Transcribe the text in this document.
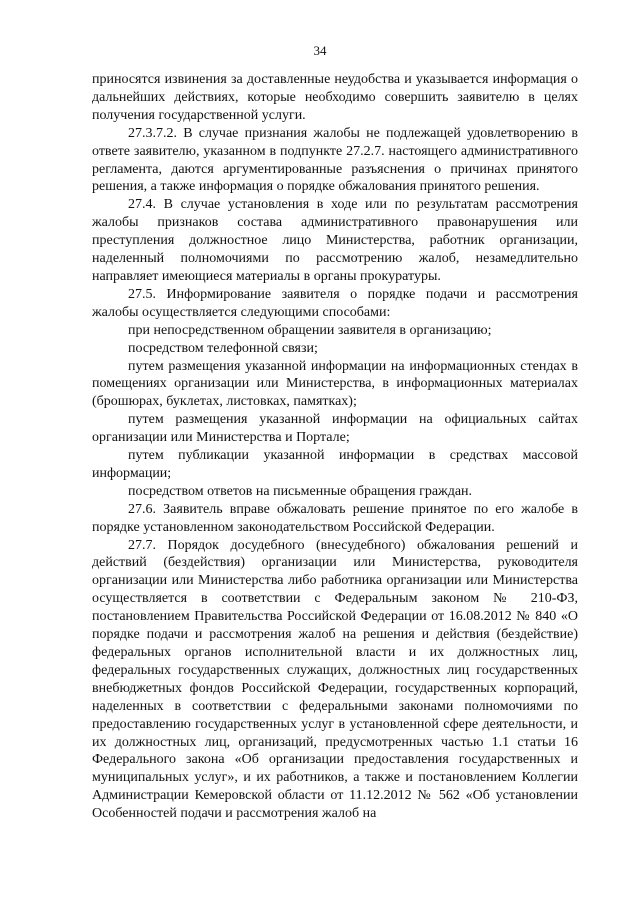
34

приносятся извинения за доставленные неудобства и указывается информация о дальнейших действиях, которые необходимо совершить заявителю в целях получения государственной услуги.

27.3.7.2. В случае признания жалобы не подлежащей удовлетворению в ответе заявителю, указанном в подпункте 27.2.7. настоящего административного регламента, даются аргументированные разъяснения о причинах принятого решения, а также информация о порядке обжалования принятого решения.

27.4. В случае установления в ходе или по результатам рассмотрения жалобы признаков состава административного правонарушения или преступления должностное лицо Министерства, работник организации, наделенный полномочиями по рассмотрению жалоб, незамедлительно направляет имеющиеся материалы в органы прокуратуры.

27.5. Информирование заявителя о порядке подачи и рассмотрения жалобы осуществляется следующими способами:

при непосредственном обращении заявителя в организацию;

посредством телефонной связи;

путем размещения указанной информации на информационных стендах в помещениях организации или Министерства, в информационных материалах (брошюрах, буклетах, листовках, памятках);

путем размещения указанной информации на официальных сайтах организации или Министерства и Портале;

путем публикации указанной информации в средствах массовой информации;

посредством ответов на письменные обращения граждан.

27.6. Заявитель вправе обжаловать решение принятое по его жалобе в порядке установленном законодательством Российской Федерации.

27.7. Порядок досудебного (внесудебного) обжалования решений и действий (бездействия) организации или Министерства, руководителя организации или Министерства либо работника организации или Министерства осуществляется в соответствии с Федеральным законом № 210-ФЗ, постановлением Правительства Российской Федерации от 16.08.2012 № 840 «О порядке подачи и рассмотрения жалоб на решения и действия (бездействие) федеральных органов исполнительной власти и их должностных лиц, федеральных государственных служащих, должностных лиц государственных внебюджетных фондов Российской Федерации, государственных корпораций, наделенных в соответствии с федеральными законами полномочиями по предоставлению государственных услуг в установленной сфере деятельности, и их должностных лиц, организаций, предусмотренных частью 1.1 статьи 16 Федерального закона «Об организации предоставления государственных и муниципальных услуг», и их работников, а также и постановлением Коллегии Администрации Кемеровской области от 11.12.2012 № 562 «Об установлении Особенностей подачи и рассмотрения жалоб на
